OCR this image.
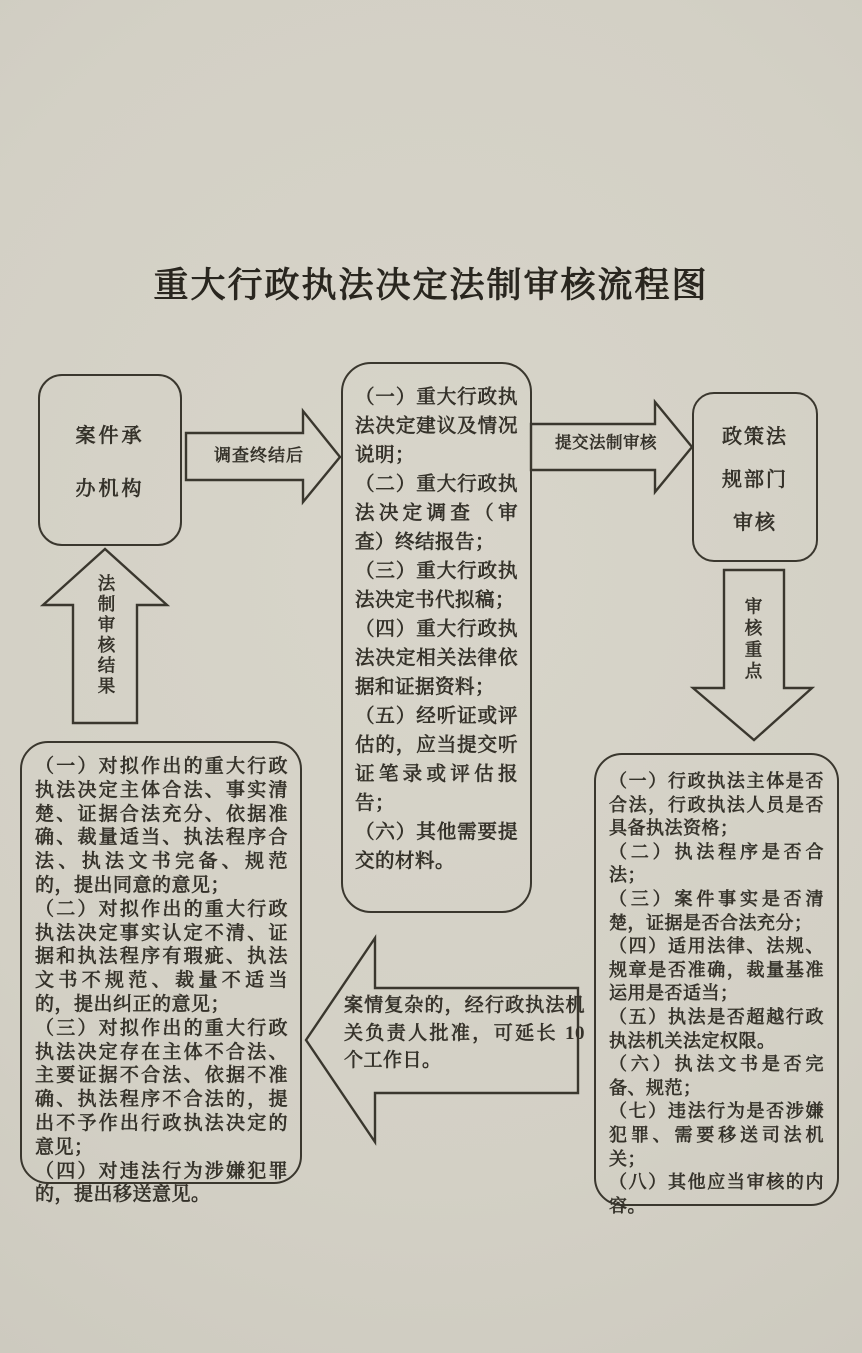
重大行政执法决定法制审核流程图
案件承
办机构

（一）重大行政执法决定建议及情况说明；

（二）重大行政执法决定调查（审查）终结报告；

（三）重大行政执法决定书代拟稿；

（四）重大行政执法决定相关法律依据和证据资料；

（五）经听证或评估的，应当提交听证笔录或评估报告；

（六）其他需要提交的材料。

政策法
规部门
审核

（一）行政执法主体是否合法，行政执法人员是否具备执法资格；

（二）执法程序是否合法；

（三）案件事实是否清楚，证据是否合法充分；

（四）适用法律、法规、规章是否准确，裁量基准运用是否适当；

（五）执法是否超越行政执法机关法定权限。

（六）执法文书是否完备、规范；

（七）违法行为是否涉嫌犯罪、需要移送司法机关；

（八）其他应当审核的内容。

（一）对拟作出的重大行政执法决定主体合法、事实清楚、证据合法充分、依据准确、裁量适当、执法程序合法、执法文书完备、规范的，提出同意的意见；

（二）对拟作出的重大行政执法决定事实认定不清、证据和执法程序有瑕疵、执法文书不规范、裁量不适当的，提出纠正的意见；

（三）对拟作出的重大行政执法决定存在主体不合法、主要证据不合法、依据不准确、执法程序不合法的，提出不予作出行政执法决定的意见；

（四）对违法行为涉嫌犯罪的，提出移送意见。

调查终结后
提交法制审核
审核重点
法制审核结果
案情复杂的，经行政执法机关负责人批准，可延长 10 个工作日。
